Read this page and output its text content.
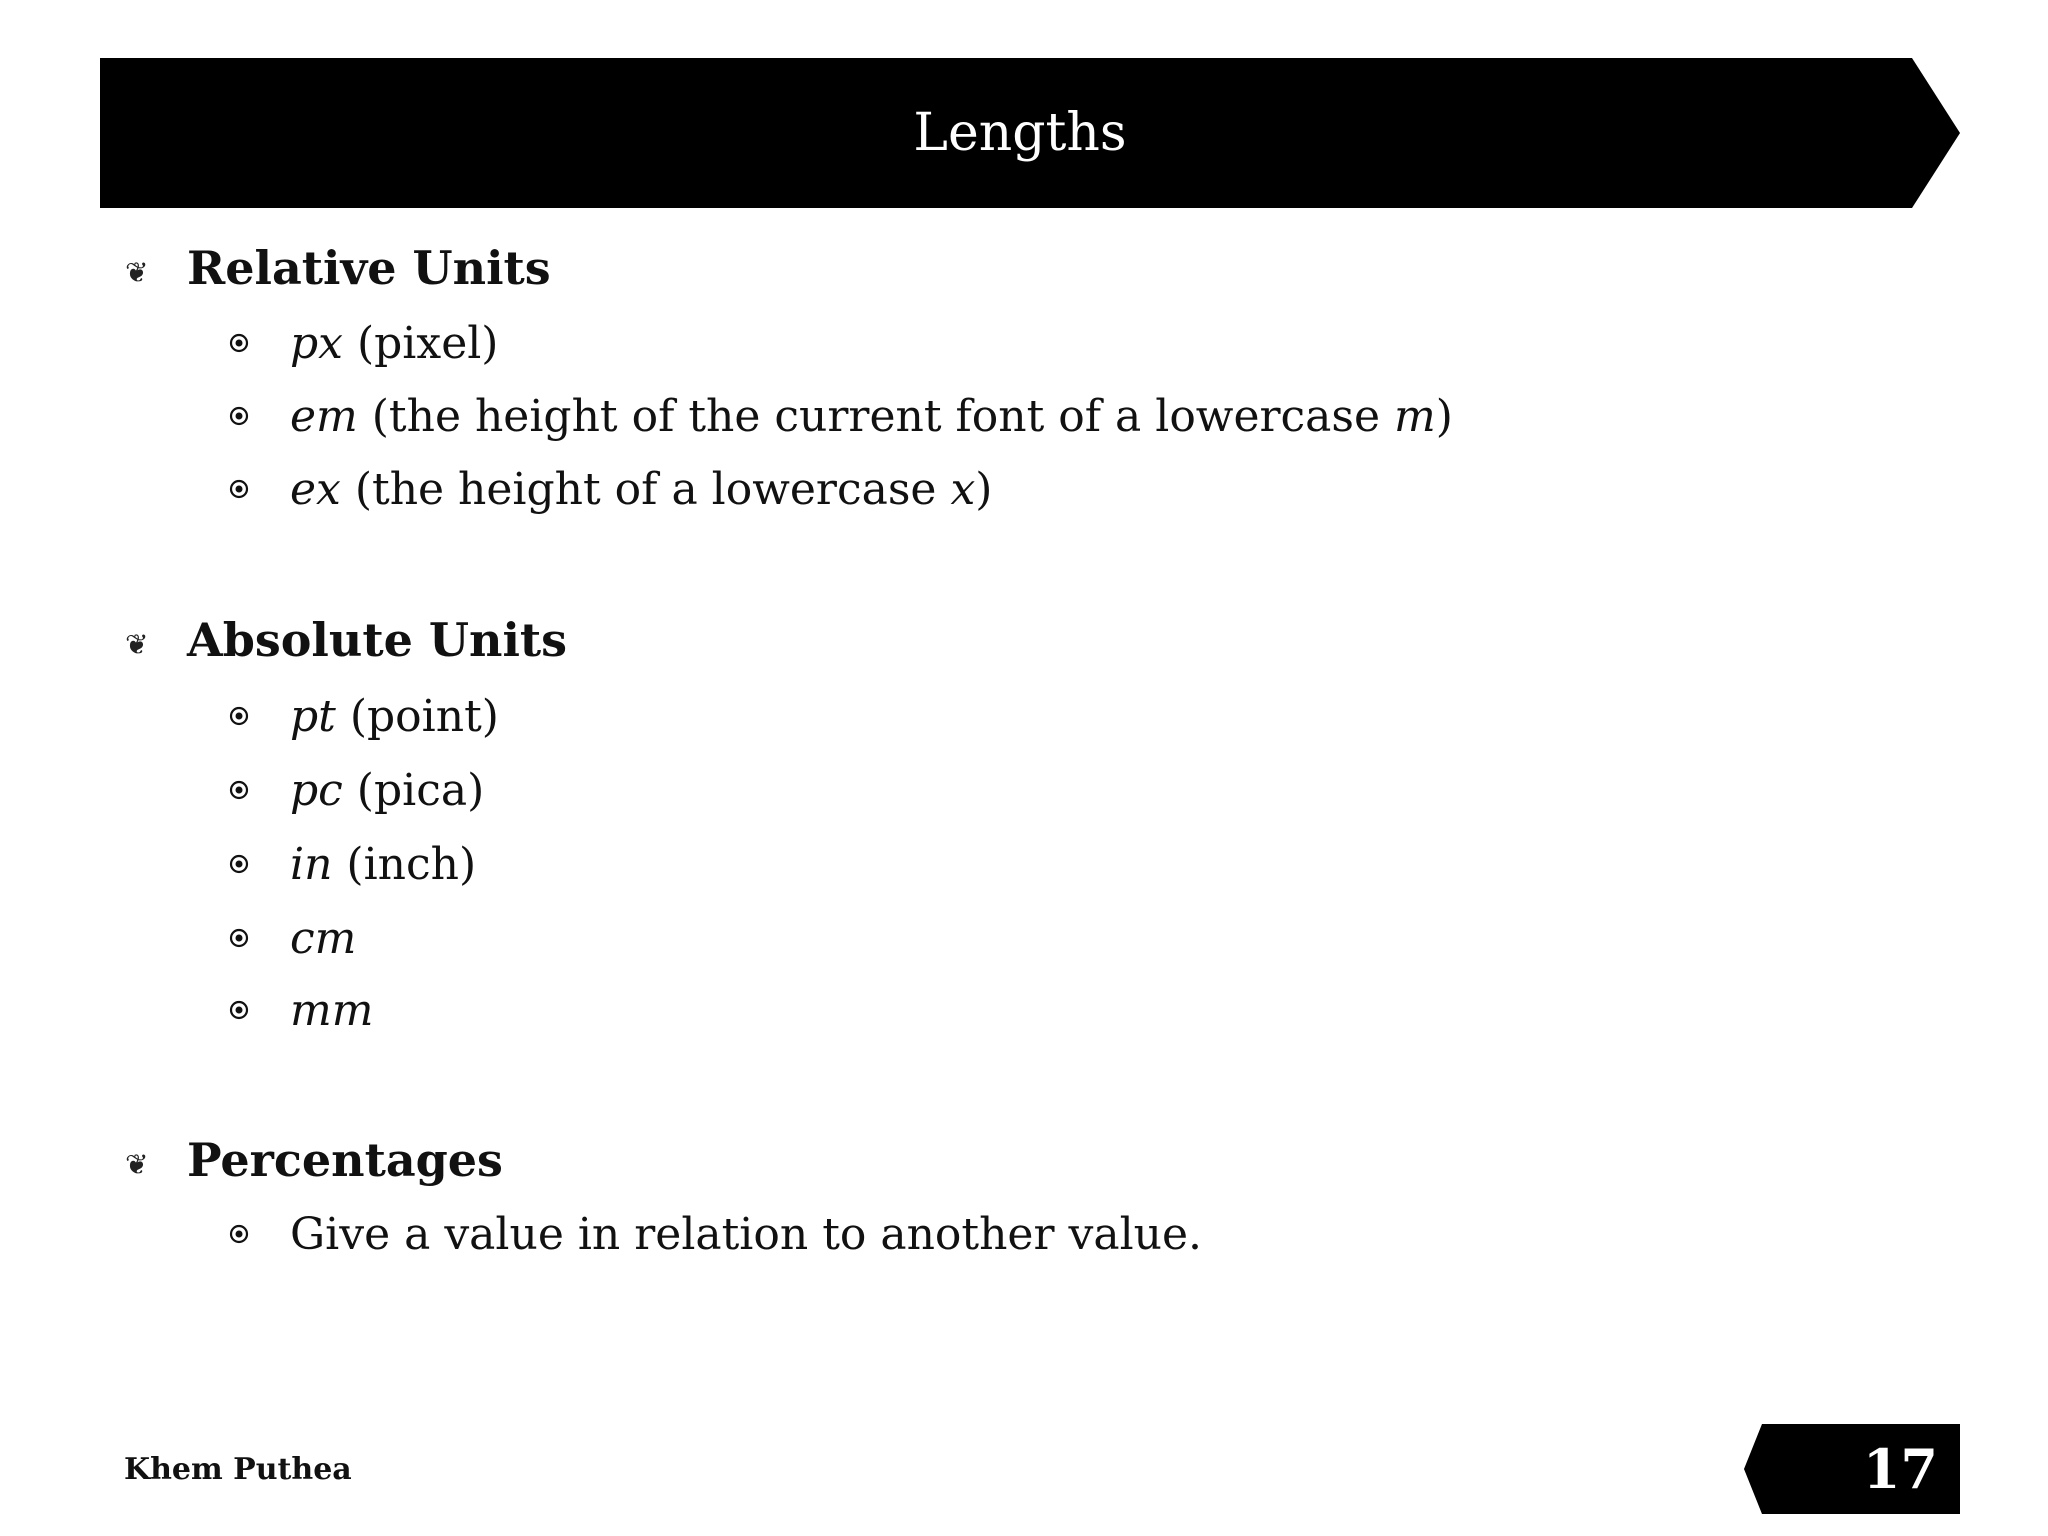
Lengths
❦ Relative Units
px (pixel)
em (the height of the current font of a lowercase m)
ex (the height of a lowercase x)
❦ Absolute Units
pt (point)
pc (pica)
in (inch)
cm
mm
❦ Percentages
Give a value in relation to another value.
Khem Puthea	17
